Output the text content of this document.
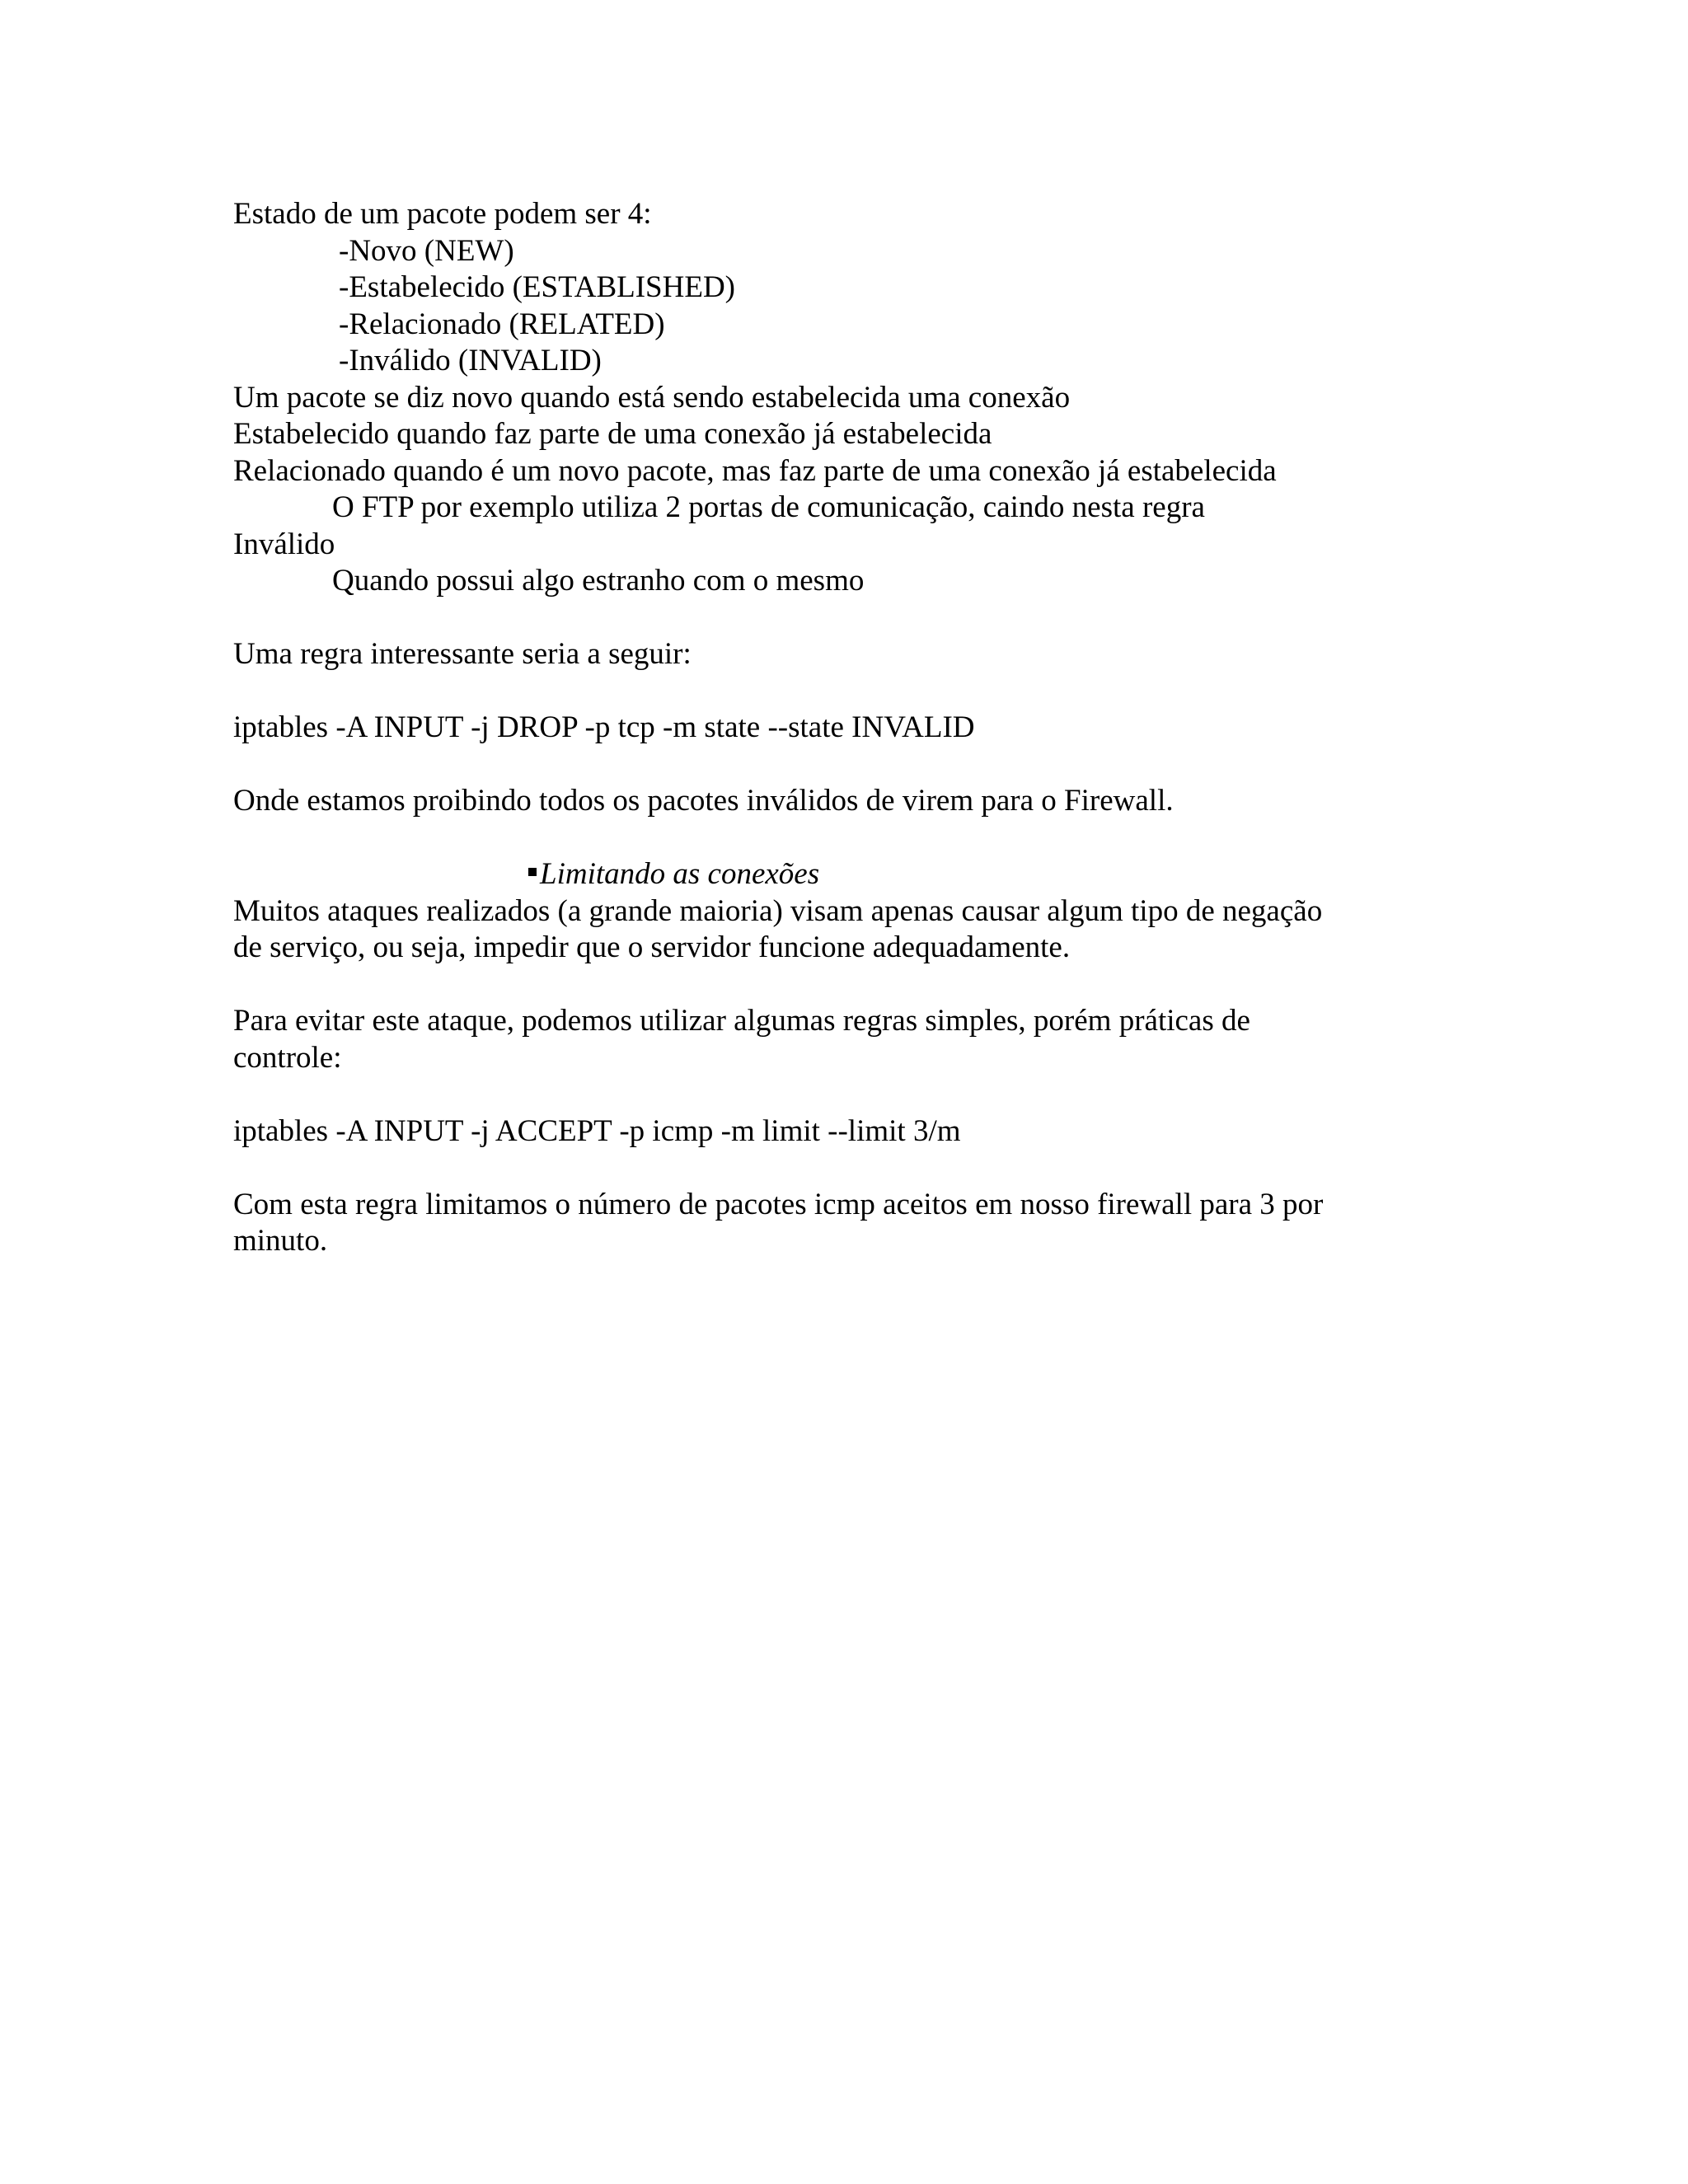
Estado de um pacote podem ser 4:
-Novo (NEW)
-Estabelecido (ESTABLISHED)
-Relacionado (RELATED)
-Inválido (INVALID)
Um pacote se diz novo quando está sendo estabelecida uma conexão
Estabelecido quando faz parte de uma conexão já estabelecida
Relacionado quando é um novo pacote, mas faz parte de uma conexão já estabelecida
O FTP por exemplo utiliza 2 portas de comunicação, caindo nesta regra
Inválido
Quando possui algo estranho com o mesmo
Uma regra interessante seria a seguir:
iptables -A INPUT -j DROP -p tcp -m state --state INVALID
Onde estamos proibindo todos os pacotes inválidos de virem para o Firewall.
Limitando as conexões
Muitos ataques realizados (a grande maioria) visam apenas causar algum tipo de negação
de serviço, ou seja, impedir que o servidor funcione adequadamente.
Para evitar este ataque, podemos utilizar algumas regras simples, porém práticas de
controle:
iptables -A INPUT -j ACCEPT -p icmp -m limit --limit 3/m
Com esta regra limitamos o número de pacotes icmp aceitos em nosso firewall para 3 por
minuto.
